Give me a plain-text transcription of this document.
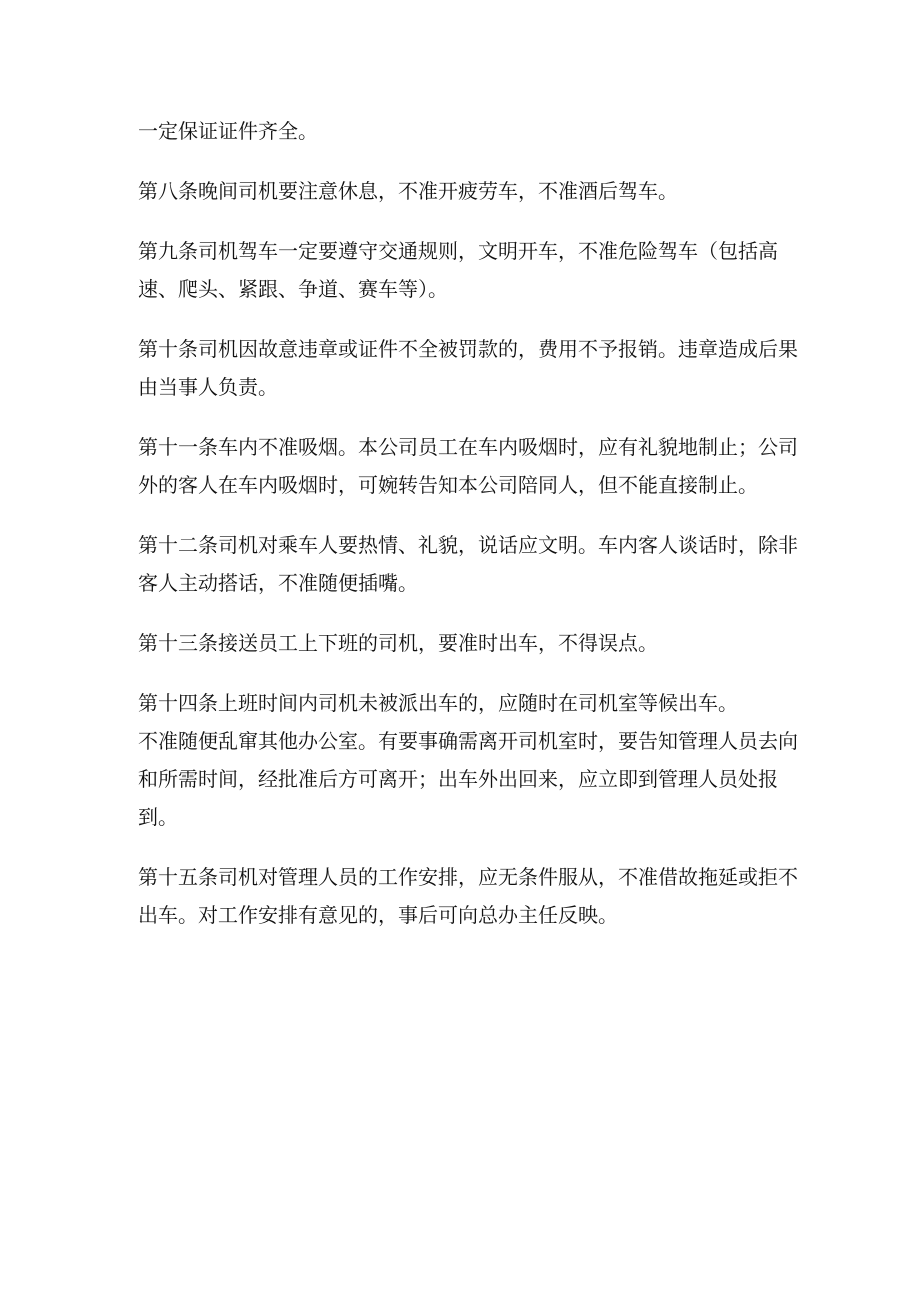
一定保证证件齐全。

第八条晚间司机要注意休息，不准开疲劳车，不准酒后驾车。

第九条司机驾车一定要遵守交通规则，文明开车，不准危险驾车（包括高速、爬头、紧跟、争道、赛车等）。

第十条司机因故意违章或证件不全被罚款的，费用不予报销。违章造成后果由当事人负责。

第十一条车内不准吸烟。本公司员工在车内吸烟时，应有礼貌地制止；公司外的客人在车内吸烟时，可婉转告知本公司陪同人，但不能直接制止。

第十二条司机对乘车人要热情、礼貌，说话应文明。车内客人谈话时，除非客人主动搭话，不准随便插嘴。

第十三条接送员工上下班的司机，要准时出车，不得误点。

第十四条上班时间内司机未被派出车的，应随时在司机室等候出车。

不准随便乱窜其他办公室。有要事确需离开司机室时，要告知管理人员去向和所需时间，经批准后方可离开；出车外出回来，应立即到管理人员处报到。

第十五条司机对管理人员的工作安排，应无条件服从，不准借故拖延或拒不出车。对工作安排有意见的，事后可向总办主任反映。
